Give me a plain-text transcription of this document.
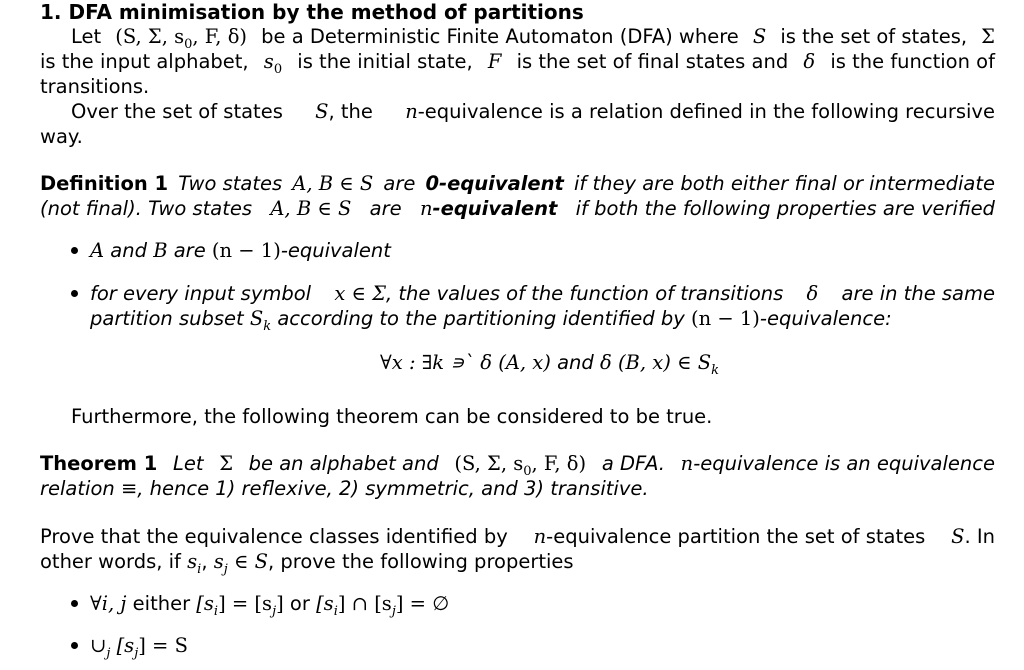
1. DFA minimisation by the method of partitions
Let (S, Σ, $s_0$, F, δ) be a Deterministic Finite Automaton (DFA) where S is the set of states, Σ
is the input alphabet, $s_0$ is the initial state, F is the set of final states and δ is the function of
transitions.
Over the set of states S, the n-equivalence is a relation defined in the following recursive
way.
Definition 1 Two states A, B ∈ S are 0-equivalent if they are both either final or intermediate
(not final). Two states A, B ∈ S are n-equivalent if both the following properties are verified
A and B are (n − 1)-equivalent
for every input symbol x ∈ Σ, the values of the function of transitions δ are in the same
partition subset $S_k$ according to the partitioning identified by (n − 1)-equivalence:
∀x : ∃k ∍` δ (A, x) and δ (B, x) ∈ $S_k$
Furthermore, the following theorem can be considered to be true.
Theorem 1 Let Σ be an alphabet and (S, Σ, $s_0$, F, δ) a DFA. n-equivalence is an equivalence
relation ≡, hence 1) reflexive, 2) symmetric, and 3) transitive.
Prove that the equivalence classes identified by n-equivalence partition the set of states S. In
other words, if $s_i$, $s_j$ ∈ S, prove the following properties
∀i, j either $[s_i] = [s_j]$ or $[s_i]$ ∩ $[s_j]$ = ∅
$\cup_j$ $[s_j] = S$
